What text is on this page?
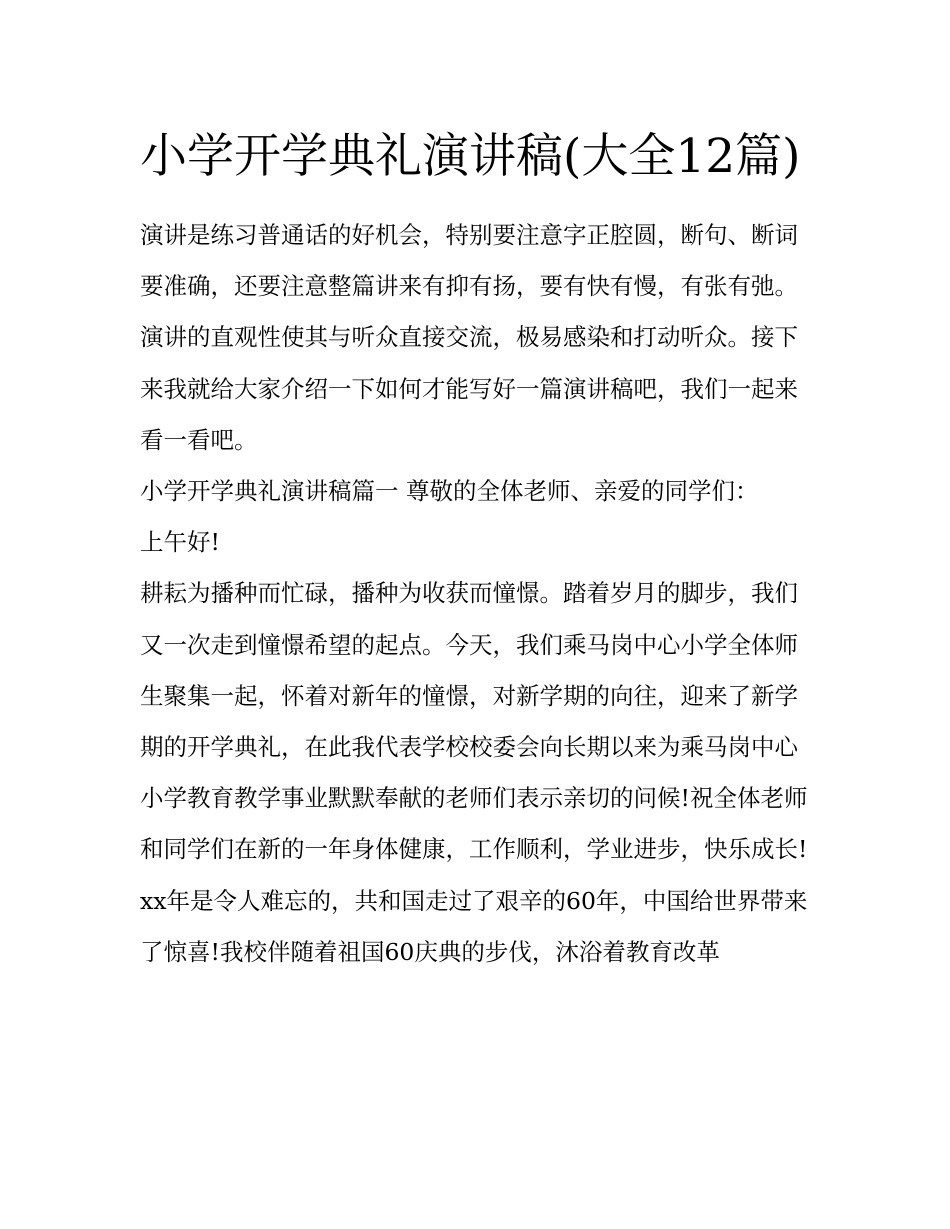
小学开学典礼演讲稿(大全12篇)

演讲是练习普通话的好机会，特别要注意字正腔圆，断句、断词要准确，还要注意整篇讲来有抑有扬，要有快有慢，有张有弛。演讲的直观性使其与听众直接交流，极易感染和打动听众。接下来我就给大家介绍一下如何才能写好一篇演讲稿吧，我们一起来看一看吧。

小学开学典礼演讲稿篇一 尊敬的全体老师、亲爱的同学们：

上午好!

耕耘为播种而忙碌，播种为收获而憧憬。踏着岁月的脚步，我们又一次走到憧憬希望的起点。今天，我们乘马岗中心小学全体师生聚集一起，怀着对新年的憧憬，对新学期的向往，迎来了新学期的开学典礼，在此我代表学校校委会向长期以来为乘马岗中心小学教育教学事业默默奉献的老师们表示亲切的问候!祝全体老师和同学们在新的一年身体健康，工作顺利，学业进步，快乐成长!

xx年是令人难忘的，共和国走过了艰辛的60年，中国给世界带来了惊喜!我校伴随着祖国60庆典的步伐，沐浴着教育改革
